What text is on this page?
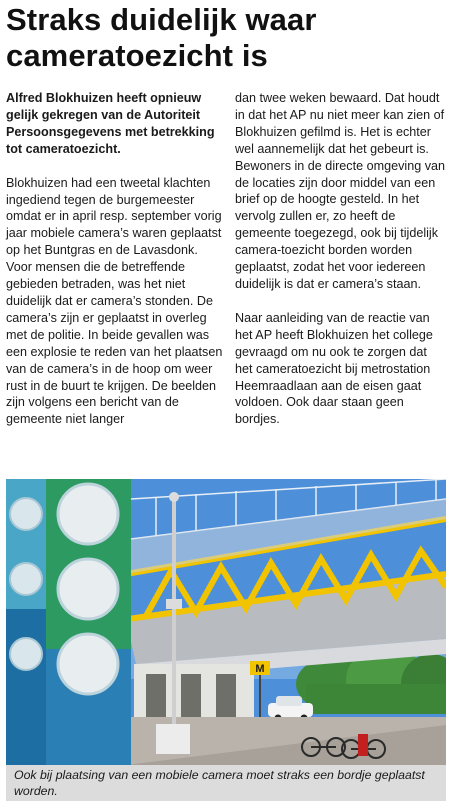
Straks duidelijk waar cameratoezicht is

Alfred Blokhuizen heeft opnieuw gelijk gekregen van de Autoriteit Persoonsgegevens met betrekking tot cameratoezicht.

Blokhuizen had een tweetal klachten ingediend tegen de burgemeester omdat er in april resp. september vorig jaar mobiele camera’s waren geplaatst op het Buntgras en de Lavasdonk. Voor mensen die de betreffende gebieden betraden, was het niet duidelijk dat er camera’s stonden. De camera’s zijn er geplaatst in overleg met de politie. In beide gevallen was een explosie te reden van het plaatsen van de camera’s in de hoop om weer rust in de buurt te krijgen. De beelden zijn volgens een bericht van de gemeente niet langer

dan twee weken bewaard. Dat houdt in dat het AP nu niet meer kan zien of Blokhuizen gefilmd is. Het is echter wel aannemelijk dat het gebeurt is. Bewoners in de directe omgeving van de locaties zijn door middel van een brief op de hoogte gesteld. In het vervolg zullen er, zo heeft de gemeente toegezegd, ook bij tijdelijk camera-toezicht borden worden geplaatst, zodat het voor iedereen duidelijk is dat er camera’s staan.

Naar aanleiding van de reactie van het AP heeft Blokhuizen het college gevraagd om nu ook te zorgen dat het cameratoezicht bij metrostation Heemraadlaan aan de eisen gaat voldoen. Ook daar staan geen bordjes.

M
Ook bij plaatsing van een mobiele camera moet straks een bordje geplaatst worden.
